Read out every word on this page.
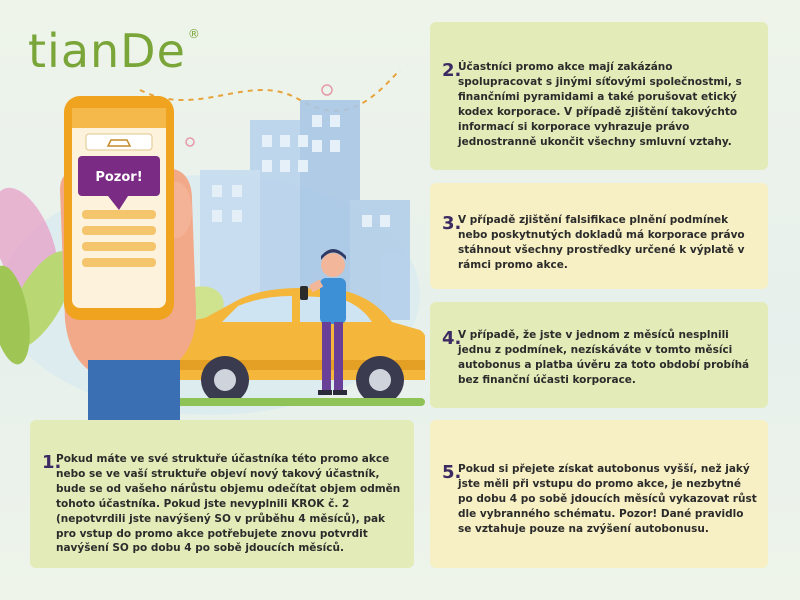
tianDe ®
Pozor!
1.
Pokud máte ve své struktuře účastníka této promo akce nebo se ve vaší struktuře objeví nový takový účastník, bude se od vašeho nárůstu objemu odečítat objem odměn tohoto účastníka. Pokud jste nevyplnili KROK č. 2 (nepotvrdili jste navýšený SO v průběhu 4 měsíců), pak pro vstup do promo akce potřebujete znovu potvrdit navýšení SO po dobu 4 po sobě jdoucích měsíců.
2.
Účastníci promo akce mají zakázáno spolupracovat s jinými síťovými společnostmi, s finančními pyramidami a také porušovat etický kodex korporace. V případě zjištění takovýchto informací si korporace vyhrazuje právo jednostranně ukončit všechny smluvní vztahy.
3.
V případě zjištění falsifikace plnění podmínek nebo poskytnutých dokladů má korporace právo stáhnout všechny prostředky určené k výplatě v rámci promo akce.
4.
V případě, že jste v jednom z měsíců nesplnili jednu z podmínek, nezískáváte v tomto měsíci autobonus a platba úvěru za toto období probíhá bez finanční účasti korporace.
5.
Pokud si přejete získat autobonus vyšší, než jaký jste měli při vstupu do promo akce, je nezbytné po dobu 4 po sobě jdoucích měsíců vykazovat růst dle vybranného schématu. Pozor! Dané pravidlo se vztahuje pouze na zvýšení autobonusu.
